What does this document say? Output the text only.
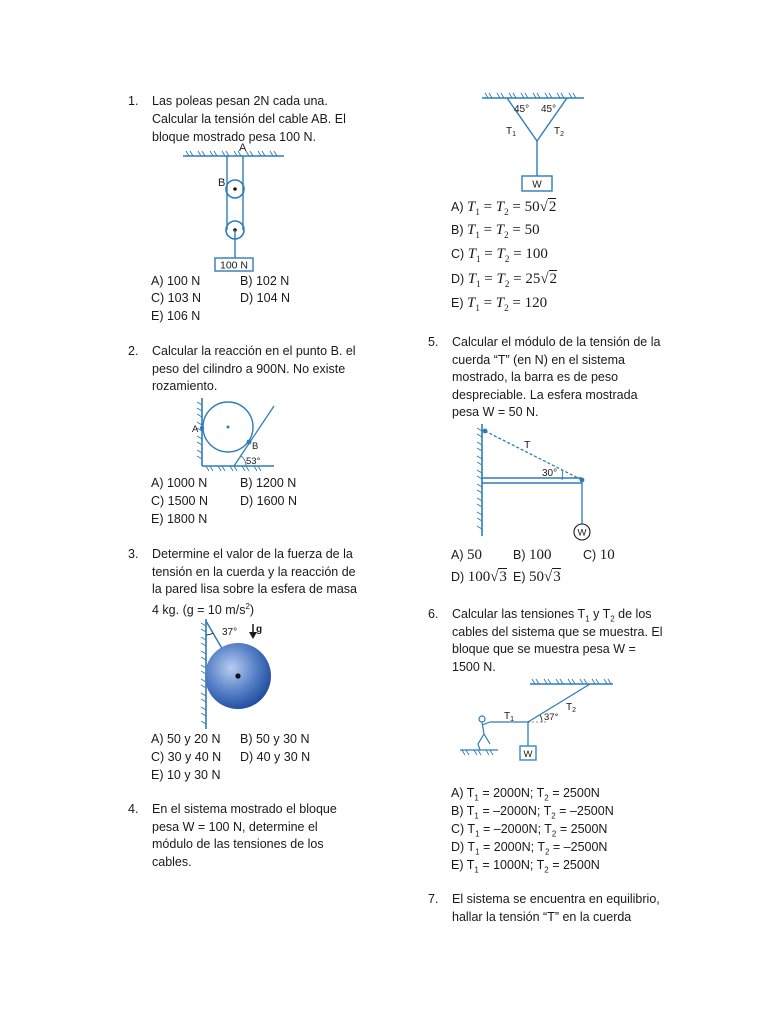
1. Las poleas pesan 2N cada una.
Calcular la tensión del cable AB. El
bloque mostrado pesa 100 N.
A
B
100 N
A) 100 N	B) 102 N
C) 103 N	D) 104 N
E) 106 N
2. Calcular la reacción en el punto B. el
peso del cilindro a 900N. No existe
rozamiento.
A
B
53°
A) 1000 N	B) 1200 N
C) 1500 N	D) 1600 N
E) 1800 N
3. Determine el valor de la fuerza de la
tensión en la cuerda y la reacción de
la pared lisa sobre la esfera de masa
4 kg. (g = 10 $m/s^2$)
37° g
A) 50 y 20 N B) 50 y 30 N
C) 30 y 40 N D) 40 y 30 N
E) 10 y 30 N
4. En el sistema mostrado el bloque
pesa W = 100 N, determine el
módulo de las tensiones de los
cables.
45° 45°
$T_1$	$T_2$
W
A) $T_1 = T_2 = 50√2$
B) $T_1 = T_2 = 50$
C) $T_1 = T_2 = 100$
D) $T_1 = T_2 = 25√2$
E) $T_1 = T_2 = 120$
5. Calcular el módulo de la tensión de la
cuerda “T” (en N) en el sistema
mostrado, la barra es de peso
despreciable. La esfera mostrada
pesa W = 50 N.
W
T
30°
A) 50 B) 100	C) 10
D) 100√3 E) 50√3
6. Calcular las tensiones $T_1$ y $T_2$ de los
cables del sistema que se muestra. El
bloque que se muestra pesa W =
1500 N.
W
$T_1$
$T_2$
37°
A) $T_1 = 2000N$; $T_2 = 2500N$
B) $T_1 = -2000N$; $T_2 = -2500N$
C) $T_1 = -2000N$; $T_2 = 2500N$
D) $T_1 = 2000N$; $T_2 = -2500N$
E) $T_1 = 1000N$; $T_2 = 2500N$
7. El sistema se encuentra en equilibrio,
hallar la tensión “T” en la cuerda
